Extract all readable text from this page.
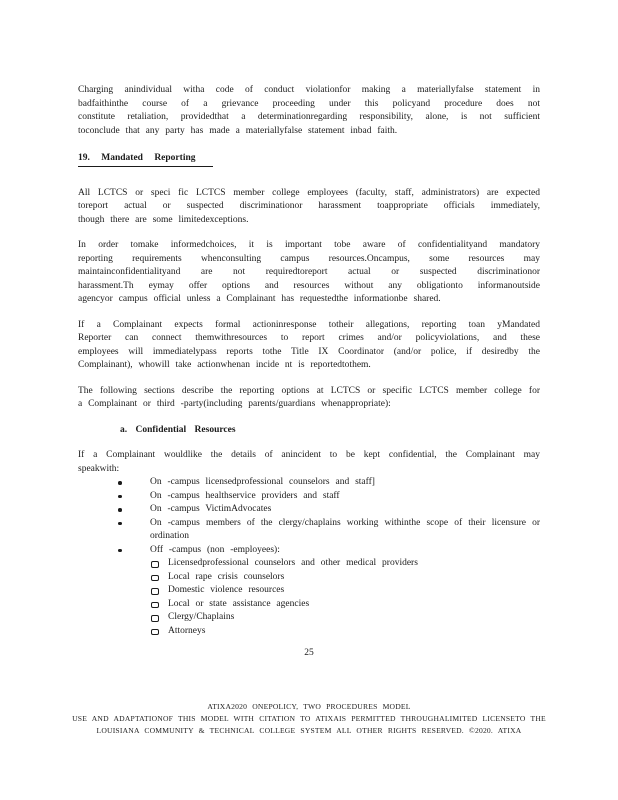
Charging anindividual witha code of conduct violationfor making a materiallyfalse statement in
badfaithinthe course of a grievance proceeding under this policyand procedure does not
constitute retaliation, providedthat a determinationregarding responsibility, alone, is not sufficient
toconclude that any party has made a materiallyfalse statement inbad faith.
19. Mandated Reporting
All LCTCS or speci fic LCTCS member college employees (faculty, staff, administrators) are expected
toreport actual or suspected discriminationor harassment toappropriate officials immediately,
though there are some limitedexceptions.
In order tomake informedchoices, it is important tobe aware of confidentialityand mandatory
reporting requirements whenconsulting campus resources.Oncampus, some resources may
maintainconfidentialityand are not requiredtoreport actual or suspected discriminationor
harassment.Th eymay offer options and resources without any obligationto informanoutside
agencyor campus official unless a Complainant has requestedthe informationbe shared.
If a Complainant expects formal actioninresponse totheir allegations, reporting toan yMandated
Reporter can connect themwithresources to report crimes and/or policyviolations, and these
employees will immediatelypass reports tothe Title IX Coordinator (and/or police, if desiredby the
Complainant), whowill take actionwhenan incide nt is reportedtothem.
The following sections describe the reporting options at LCTCS or specific LCTCS member college for
a Complainant or third -party(including parents/guardians whenappropriate):
a. Confidential Resources
If a Complainant wouldlike the details of anincident to be kept confidential, the Complainant may
speakwith:
On -campus licensedprofessional counselors and staff]
On -campus healthservice providers and staff
On -campus VictimAdvocates
On -campus members of the clergy/chaplains working withinthe scope of their licensure or ordination
Off -campus (non -employees):
Licensedprofessional counselors and other medical providers
Local rape crisis counselors
Domestic violence resources
Local or state assistance agencies
Clergy/Chaplains
Attorneys
25
ATIXA2020 ONEPOLICY, TWO PROCEDURES MODEL
USE AND ADAPTATIONOF THIS MODEL WITH CITATION TO ATIXAIS PERMITTED THROUGHALIMITED LICENSETO THE
LOUISIANA COMMUNITY & TECHNICAL COLLEGE SYSTEM ALL OTHER RIGHTS RESERVED. ©2020. ATIXA
